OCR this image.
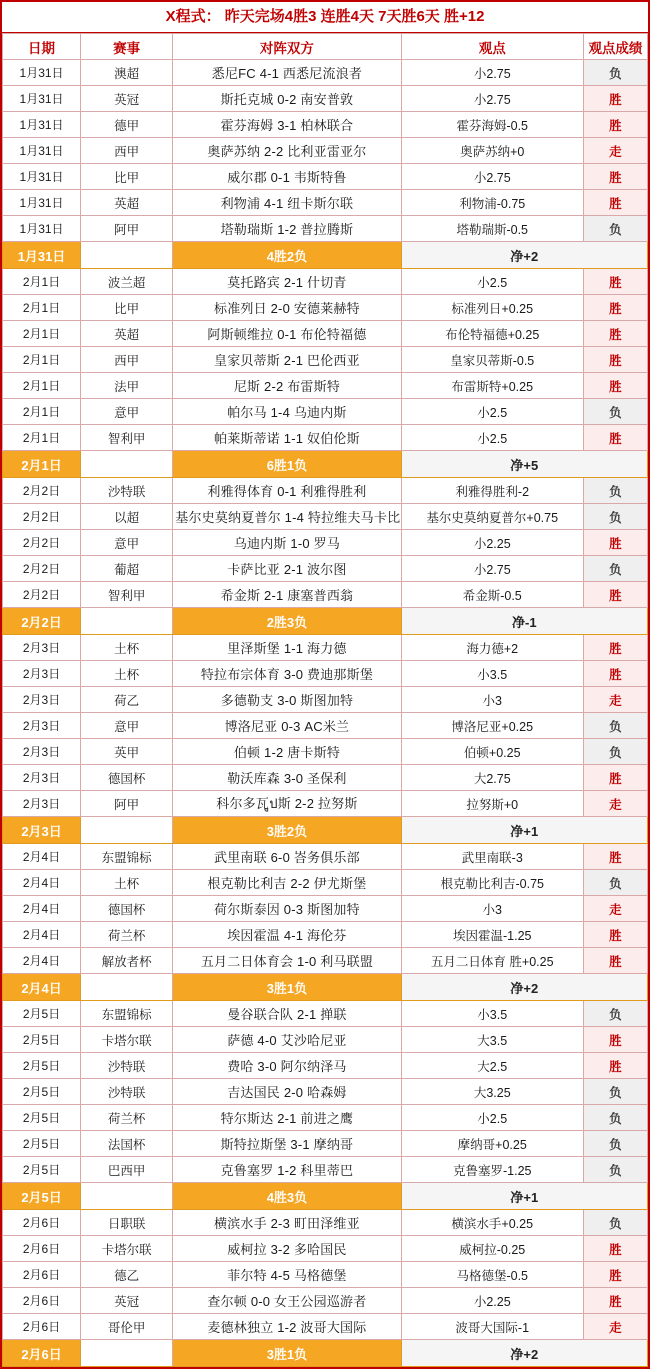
X程式： 昨天完场4胜3 连胜4天 7天胜6天 胜+12
日期	赛事	对阵双方	观点	观点成绩
1月31日	澳超	悉尼FC 4-1 西悉尼流浪者	小2.75	负
1月31日	英冠	斯托克城 0-2 南安普敦	小2.75	胜
1月31日	德甲	霍芬海姆 3-1 柏林联合	霍芬海姆-0.5	胜
1月31日	西甲	奥萨苏纳 2-2 比利亚雷亚尔	奥萨苏纳+0	走
1月31日	比甲	威尔郡 0-1 韦斯特鲁	小2.75	胜
1月31日	英超	利物浦 4-1 纽卡斯尔联	利物浦-0.75	胜
1月31日	阿甲	塔勒瑞斯 1-2 普拉腾斯	塔勒瑞斯-0.5	负
1月31日		4胜2负	净+2	
2月1日	波兰超	莫托路宾 2-1 什切青	小2.5	胜
2月1日	比甲	标准列日 2-0 安德莱赫特	标准列日+0.25	胜
2月1日	英超	阿斯顿维拉 0-1 布伦特福德	布伦特福德+0.25	胜
2月1日	西甲	皇家贝蒂斯 2-1 巴伦西亚	皇家贝蒂斯-0.5	胜
2月1日	法甲	尼斯 2-2 布雷斯特	布雷斯特+0.25	胜
2月1日	意甲	帕尔马 1-4 乌迪内斯	小2.5	负
2月1日	智利甲	帕莱斯蒂诺 1-1 奴伯伦斯	小2.5	胜
2月1日		6胜1负	净+5	
2月2日	沙特联	利雅得体育 0-1 利雅得胜利	利雅得胜利-2	负
2月2日	以超	基尔史莫纳夏普尔 1-4 特拉维夫马卡比	基尔史莫纳夏普尔+0.75	负
2月2日	意甲	乌迪内斯 1-0 罗马	小2.25	胜
2月2日	葡超	卡萨比亚 2-1 波尔图	小2.75	负
2月2日	智利甲	希金斯 2-1 康塞普西翁	希金斯-0.5	胜
2月2日		2胜3负	净-1	
2月3日	土杯	里泽斯堡 1-1 海力德	海力德+2	胜
2月3日	土杯	特拉布宗体育 3-0 费迪那斯堡	小3.5	胜
2月3日	荷乙	多德勒支 3-0 斯图加特	小3	走
2月3日	意甲	博洛尼亚 0-3 AC米兰	博洛尼亚+0.25	负
2月3日	英甲	伯顿 1-2 唐卡斯特	伯顿+0.25	负
2月3日	德国杯	勒沃库森 3-0 圣保利	大2.75	胜
2月3日	阿甲	科尔多瓦ูป斯 2-2 拉努斯	拉努斯+0	走
2月3日		3胜2负	净+1	
2月4日	东盟锦标	武里南联 6-0 峇务俱乐部	武里南联-3	胜
2月4日	土杯	根克勒比利吉 2-2 伊尤斯堡	根克勒比利吉-0.75	负
2月4日	德国杯	荷尔斯泰因 0-3 斯图加特	小3	走
2月4日	荷兰杯	埃因霍温 4-1 海伦芬	埃因霍温-1.25	胜
2月4日	解放者杯	五月二日体育会 1-0 利马联盟	五月二日体育 胜+0.25	胜
2月4日		3胜1负	净+2	
2月5日	东盟锦标	曼谷联合队 2-1 掸联	小3.5	负
2月5日	卡塔尔联	萨德 4-0 艾沙哈尼亚	大3.5	胜
2月5日	沙特联	费哈 3-0 阿尔纳泽马	大2.5	胜
2月5日	沙特联	吉达国民 2-0 哈森姆	大3.25	负
2月5日	荷兰杯	特尔斯达 2-1 前进之鹰	小2.5	负
2月5日	法国杯	斯特拉斯堡 3-1 摩纳哥	摩纳哥+0.25	负
2月5日	巴西甲	克鲁塞罗 1-2 科里蒂巴	克鲁塞罗-1.25	负
2月5日		4胜3负	净+1	
2月6日	日职联	横滨水手 2-3 町田泽维亚	横滨水手+0.25	负
2月6日	卡塔尔联	威柯拉 3-2 多哈国民	威柯拉-0.25	胜
2月6日	德乙	菲尔特 4-5 马格德堡	马格德堡-0.5	胜
2月6日	英冠	查尔顿 0-0 女王公园巡游者	小2.25	胜
2月6日	哥伦甲	麦德林独立 1-2 波哥大国际	波哥大国际-1	走
2月6日		3胜1负	净+2	
